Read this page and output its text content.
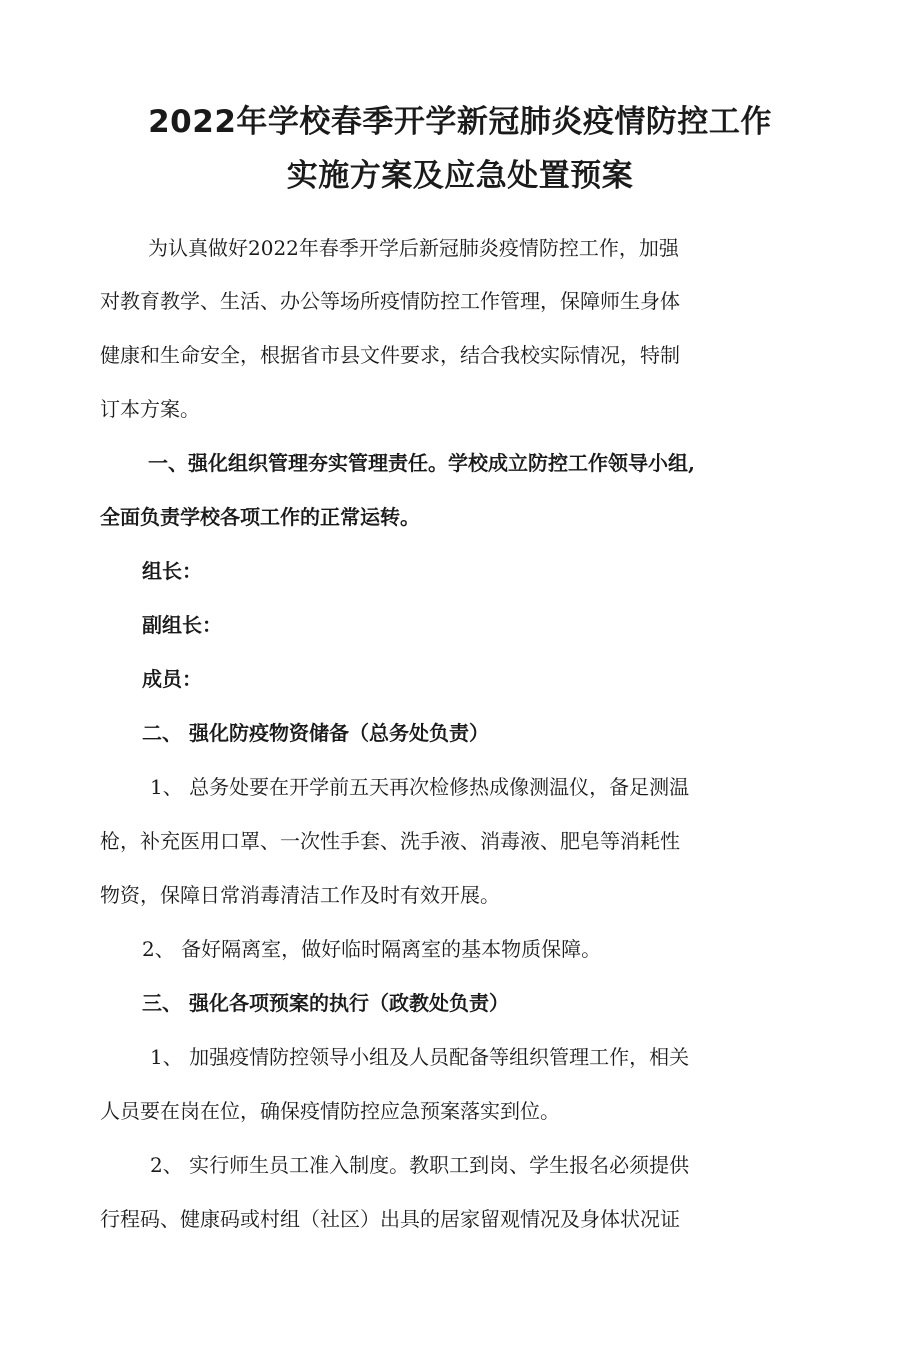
2022年学校春季开学新冠肺炎疫情防控工作
实施方案及应急处置预案
为认真做好2022年春季开学后新冠肺炎疫情防控工作，加强
对教育教学、生活、办公等场所疫情防控工作管理，保障师生身体
健康和生命安全，根据省市县文件要求，结合我校实际情况，特制
订本方案。
一、强化组织管理夯实管理责任。学校成立防控工作领导小组,
全面负责学校各项工作的正常运转。
组长：
副组长：
成员：
二、 强化防疫物资储备（总务处负责）
1、 总务处要在开学前五天再次检修热成像测温仪，备足测温
枪，补充医用口罩、一次性手套、洗手液、消毒液、肥皂等消耗性
物资，保障日常消毒清洁工作及时有效开展。
2、 备好隔离室，做好临时隔离室的基本物质保障。
三、 强化各项预案的执行（政教处负责）
1、 加强疫情防控领导小组及人员配备等组织管理工作，相关
人员要在岗在位，确保疫情防控应急预案落实到位。
2、 实行师生员工准入制度。教职工到岗、学生报名必须提供
行程码、健康码或村组（社区）出具的居家留观情况及身体状况证
